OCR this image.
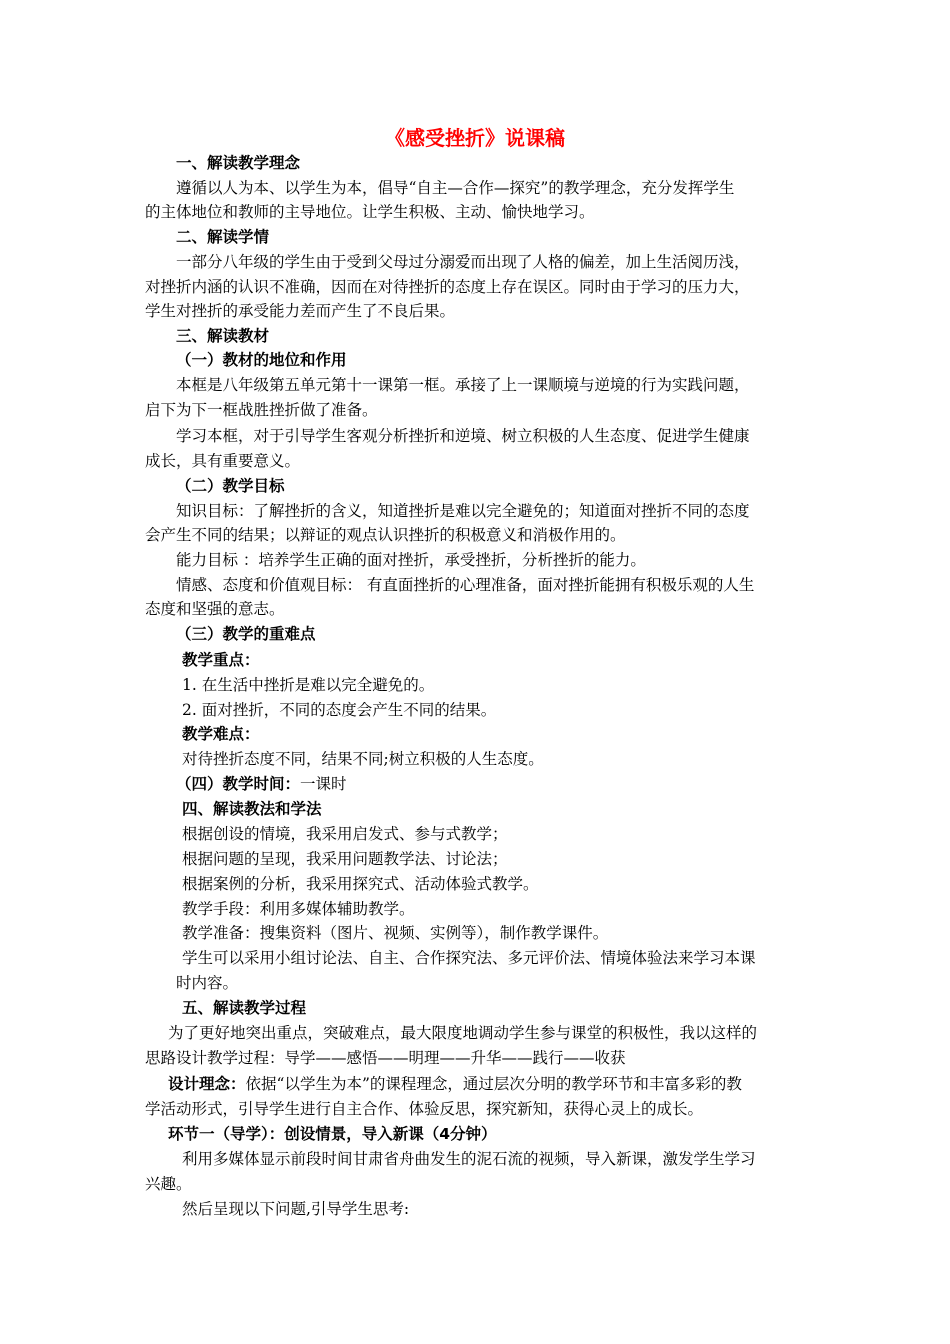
《感受挫折》说课稿
一、解读教学理念
遵循以人为本、以学生为本，倡导“自主—合作—探究”的教学理念，充分发挥学生
的主体地位和教师的主导地位。让学生积极、主动、愉快地学习。
二、解读学情
一部分八年级的学生由于受到父母过分溺爱而出现了人格的偏差，加上生活阅历浅，
对挫折内涵的认识不准确，因而在对待挫折的态度上存在误区。同时由于学习的压力大，
学生对挫折的承受能力差而产生了不良后果。
三、解读教材
（一）教材的地位和作用
本框是八年级第五单元第十一课第一框。承接了上一课顺境与逆境的行为实践问题，
启下为下一框战胜挫折做了准备。
学习本框，对于引导学生客观分析挫折和逆境、树立积极的人生态度、促进学生健康
成长，具有重要意义。
（二）教学目标
知识目标：了解挫折的含义，知道挫折是难以完全避免的；知道面对挫折不同的态度
会产生不同的结果；以辩证的观点认识挫折的积极意义和消极作用的。
能力目标 ：培养学生正确的面对挫折，承受挫折，分析挫折的能力。
情感、态度和价值观目标： 有直面挫折的心理准备，面对挫折能拥有积极乐观的人生
态度和坚强的意志。
（三）教学的重难点
教学重点：
1. 在生活中挫折是难以完全避免的。
2. 面对挫折，不同的态度会产生不同的结果。
教学难点：
对待挫折态度不同，结果不同;树立积极的人生态度。
（四）教学时间：一课时
四、解读教法和学法
根据创设的情境，我采用启发式、参与式教学；
根据问题的呈现，我采用问题教学法、讨论法；
根据案例的分析，我采用探究式、活动体验式教学。
教学手段：利用多媒体辅助教学。
教学准备：搜集资料（图片、视频、实例等），制作教学课件。
学生可以采用小组讨论法、自主、合作探究法、多元评价法、情境体验法来学习本课
时内容。
五、解读教学过程
为了更好地突出重点，突破难点，最大限度地调动学生参与课堂的积极性，我以这样的
思路设计教学过程：导学——感悟——明理——升华——践行——收获
设计理念：依据“以学生为本”的课程理念，通过层次分明的教学环节和丰富多彩的教
学活动形式，引导学生进行自主合作、体验反思，探究新知，获得心灵上的成长。
环节一（导学）：创设情景，导入新课（4分钟）
利用多媒体显示前段时间甘肃省舟曲发生的泥石流的视频，导入新课，激发学生学习
兴趣。
然后呈现以下问题,引导学生思考:
